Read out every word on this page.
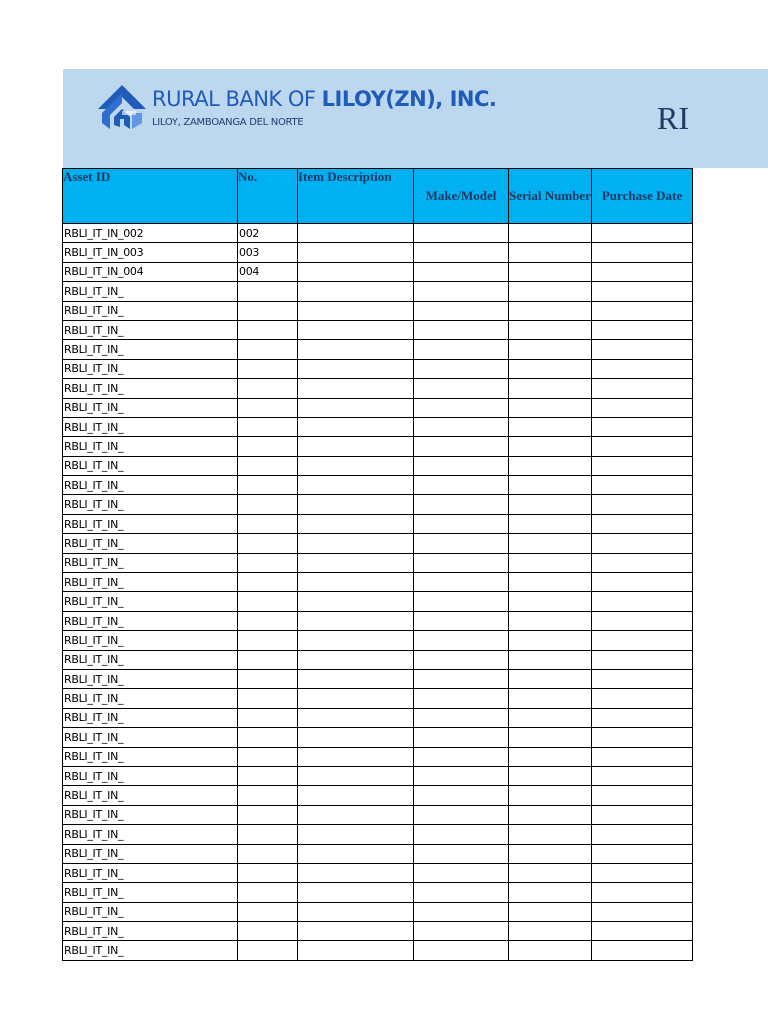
RURAL BANK OF LILOY(ZN), INC.
LILOY, ZAMBOANGA DEL NORTE	RI
Asset ID	No.	Item Description	Make/Model	Serial Number	Purchase Date
RBLI_IT_IN_002	002				
RBLI_IT_IN_003	003				
RBLI_IT_IN_004	004				
RBLI_IT_IN_					
RBLI_IT_IN_					
RBLI_IT_IN_					
RBLI_IT_IN_					
RBLI_IT_IN_					
RBLI_IT_IN_					
RBLI_IT_IN_					
RBLI_IT_IN_					
RBLI_IT_IN_					
RBLI_IT_IN_					
RBLI_IT_IN_					
RBLI_IT_IN_					
RBLI_IT_IN_					
RBLI_IT_IN_					
RBLI_IT_IN_					
RBLI_IT_IN_					
RBLI_IT_IN_					
RBLI_IT_IN_					
RBLI_IT_IN_					
RBLI_IT_IN_					
RBLI_IT_IN_					
RBLI_IT_IN_					
RBLI_IT_IN_					
RBLI_IT_IN_					
RBLI_IT_IN_					
RBLI_IT_IN_					
RBLI_IT_IN_					
RBLI_IT_IN_					
RBLI_IT_IN_					
RBLI_IT_IN_					
RBLI_IT_IN_					
RBLI_IT_IN_					
RBLI_IT_IN_					
RBLI_IT_IN_					
RBLI_IT_IN_					
